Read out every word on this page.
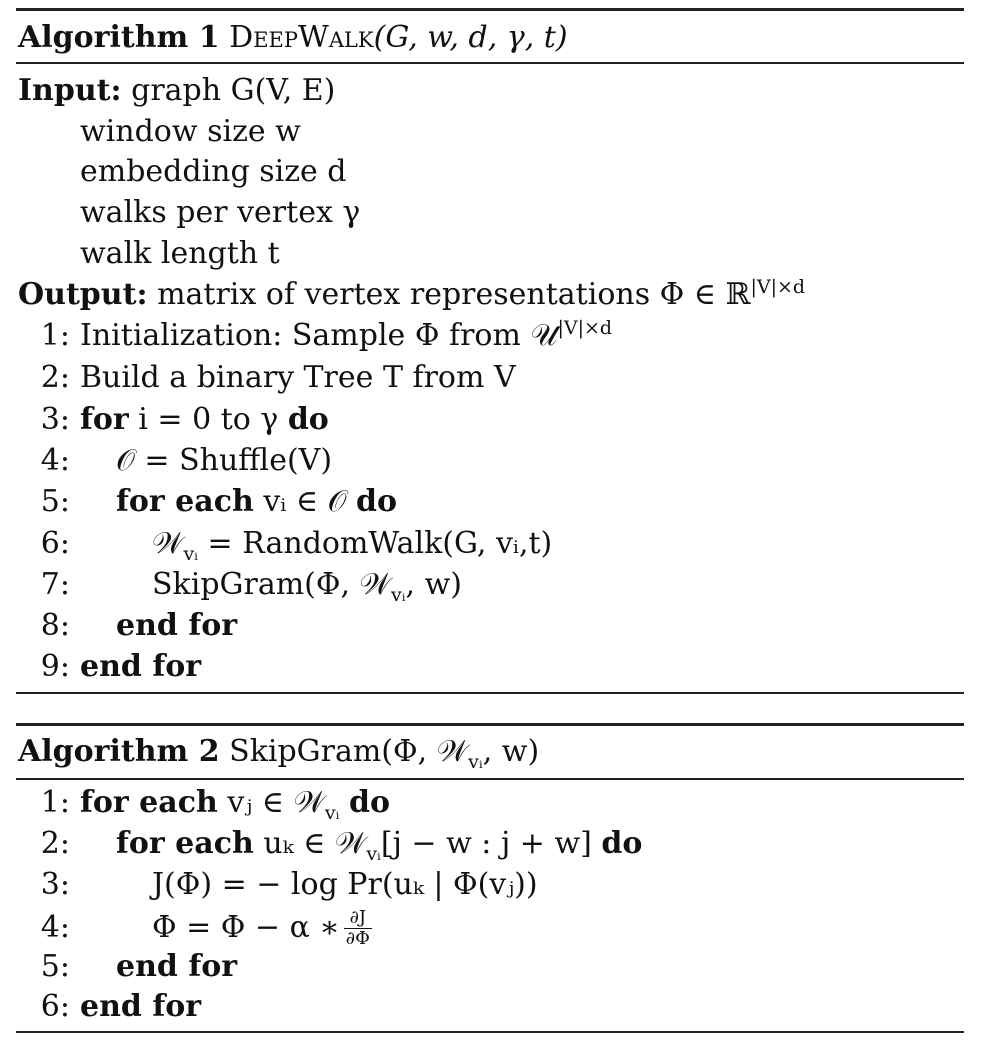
Algorithm 1 DeepWalk(G, w, d, γ, t)
Input: graph G(V, E)
window size w
embedding size d
walks per vertex γ
walk length t
Output: matrix of vertex representations Φ ∈ ℝ$^{|V|\times d}$
1: Initialization: Sample Φ from 𝒰$^{|V|\times d}$
2: Build a binary Tree T from V
3: for i = 0 to γ do
4: 𝒪 = Shuffle(V)
5: for each vᵢ ∈ 𝒪 do
6:	𝒲$_{vᵢ}$ = RandomWalk(G, vᵢ,t)
7:	SkipGram(Φ, 𝒲$_{vᵢ}$, w)
8: end for
9: end for
Algorithm 2 SkipGram(Φ, 𝒲$_{vᵢ}$, w)
1: for each vⱼ ∈ 𝒲$_{vᵢ}$ do
2: for each uₖ ∈ 𝒲$_{vᵢ}$[j − w : j + w] do
3:	J(Φ) = − log Pr(uₖ | Φ(vⱼ))
4:	Φ = Φ − α ∗ $\frac{\partial J}{\partial\Phi}$
5: end for
6: end for
